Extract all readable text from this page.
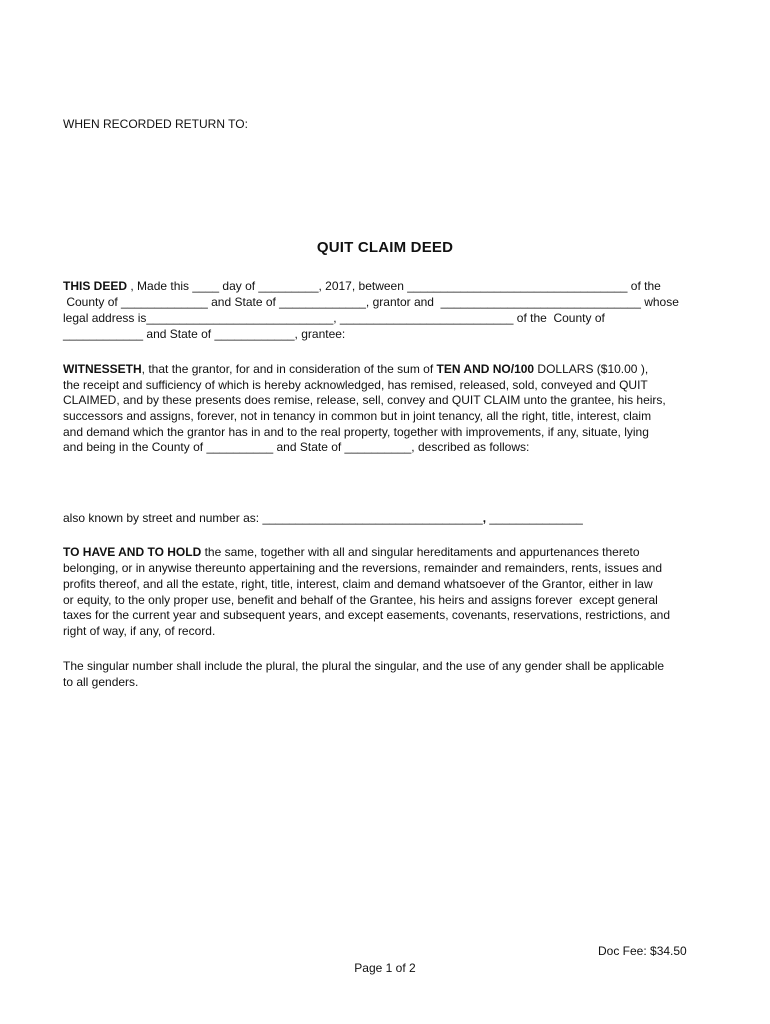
WHEN RECORDED RETURN TO:
QUIT CLAIM DEED
THIS DEED , Made this ____ day of _________, 2017, between _________________________________ of the
County of _____________ and State of _____________, grantor and  ______________________________ whose
legal address is____________________________, __________________________ of the  County of
____________ and State of ____________, grantee:
WITNESSETH, that the grantor, for and in consideration of the sum of TEN AND NO/100 DOLLARS ($10.00 ),
the receipt and sufficiency of which is hereby acknowledged, has remised, released, sold, conveyed and QUIT
CLAIMED, and by these presents does remise, release, sell, convey and QUIT CLAIM unto the grantee, his heirs,
successors and assigns, forever, not in tenancy in common but in joint tenancy, all the right, title, interest, claim
and demand which the grantor has in and to the real property, together with improvements, if any, situate, lying
and being in the County of __________ and State of __________, described as follows:
also known by street and number as: _________________________________, ______________
TO HAVE AND TO HOLD the same, together with all and singular hereditaments and appurtenances thereto
belonging, or in anywise thereunto appertaining and the reversions, remainder and remainders, rents, issues and
profits thereof, and all the estate, right, title, interest, claim and demand whatsoever of the Grantor, either in law
or equity, to the only proper use, benefit and behalf of the Grantee, his heirs and assigns forever  except general
taxes for the current year and subsequent years, and except easements, covenants, reservations, restrictions, and
right of way, if any, of record.
The singular number shall include the plural, the plural the singular, and the use of any gender shall be applicable
to all genders.
Doc Fee: $34.50
Page 1 of 2
